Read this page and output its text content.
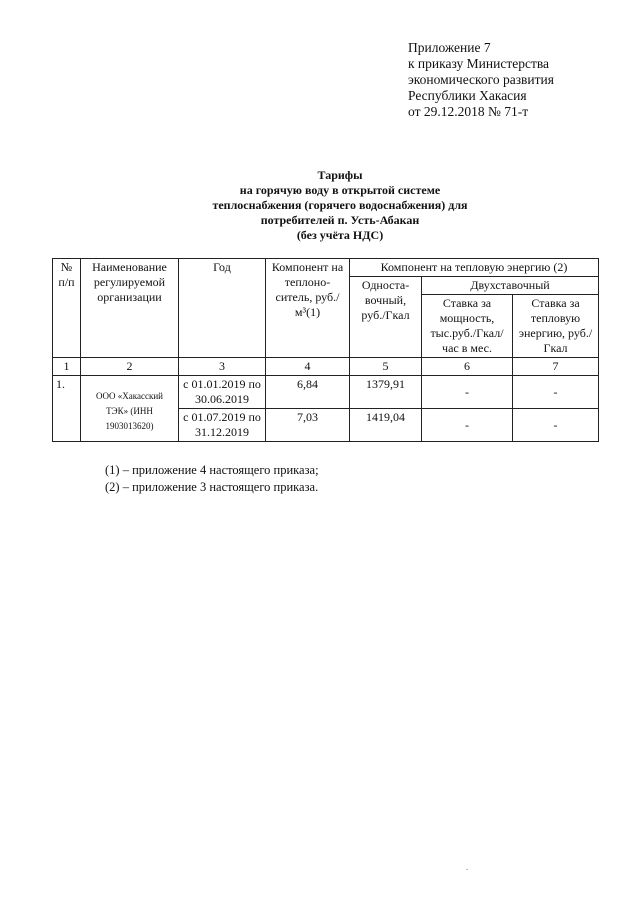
Приложение 7
к приказу Министерства
экономического развития
Республики Хакасия
от 29.12.2018 № 71-т
Тарифы
на горячую воду в открытой системе
теплоснабжения (горячего водоснабжения) для
потребителей п. Усть-Абакан
(без учёта НДС)
№ п/п	Наименование регулируемой организации	Год	Компонент на теплоно-ситель, руб./м³(1)	Компонент на тепловую энергию (2)		
				Односта-вочный, руб./Гкал	Двухставочный	
					Ставка за мощность, тыс.руб./Гкал/час в мес.	Ставка за тепловую энергию, руб./Гкал
1	2	3	4	5	6	7
1.	ООО «Хакасский ТЭК» (ИНН 1903013620)	с 01.01.2019 по 30.06.2019	6,84	1379,91	-	-
		с 01.07.2019 по 31.12.2019	7,03	1419,04	-	-
(1) – приложение 4 настоящего приказа;
(2) – приложение 3 настоящего приказа.
.
